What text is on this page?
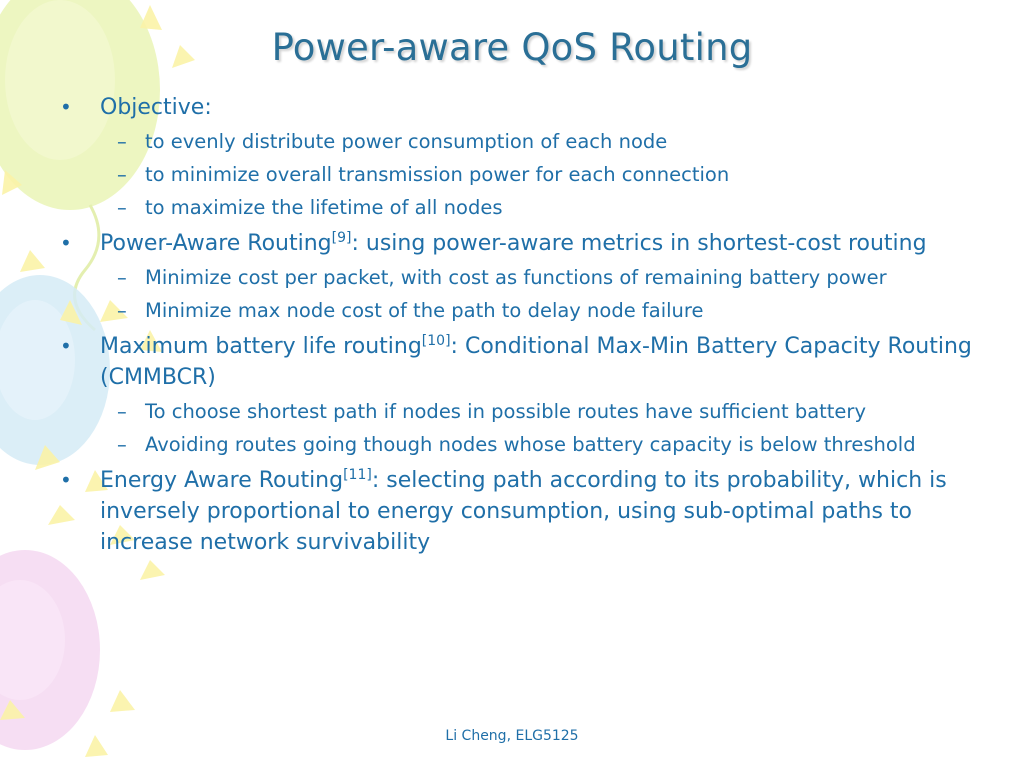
Power-aware QoS Routing
•	Objective:
– to evenly distribute power consumption of each node
– to minimize overall transmission power for each connection
– to maximize the lifetime of all nodes
•	Power-Aware Routing[9]: using power-aware metrics in shortest-cost routing
– Minimize cost per packet, with cost as functions of remaining battery power
– Minimize max node cost of the path to delay node failure
•	Maximum battery life routing[10]: Conditional Max-Min Battery Capacity Routing (CMMBCR)
– To choose shortest path if nodes in possible routes have sufficient battery
– Avoiding routes going though nodes whose battery capacity is below threshold
•	Energy Aware Routing[11]: selecting path according to its probability, which is inversely proportional to energy consumption, using sub-optimal paths to increase network survivability
Li Cheng, ELG5125
